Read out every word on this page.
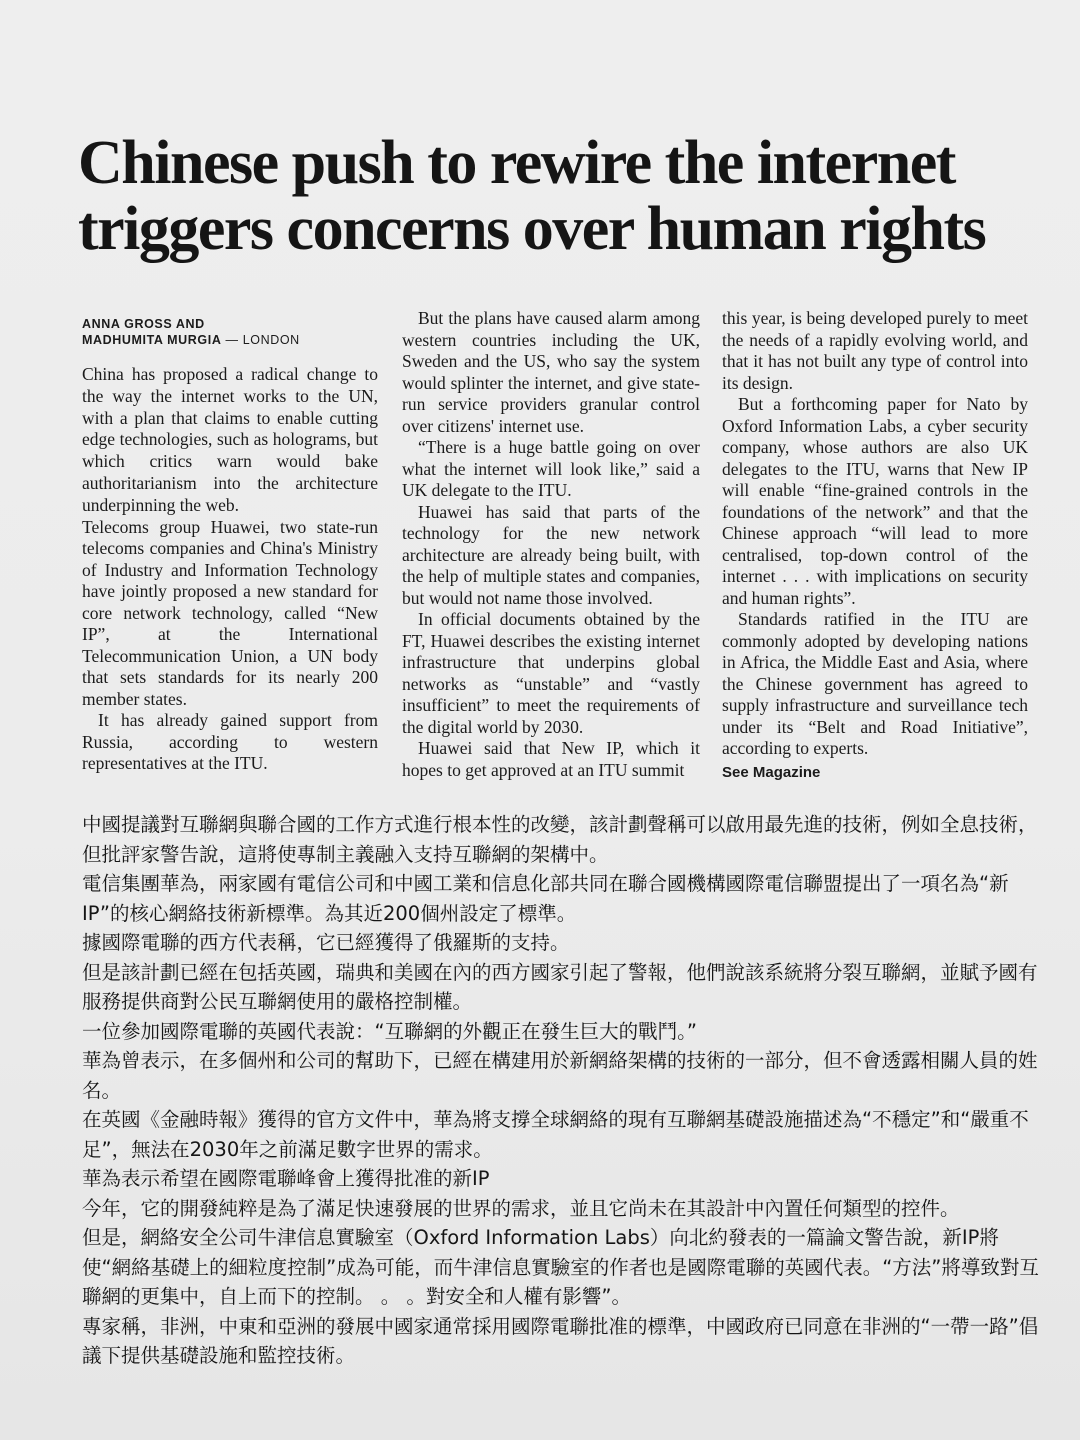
Chinese push to rewire the internet triggers concerns over human rights
ANNA GROSS AND
MADHUMITA MURGIA — LONDON

China has proposed a radical change to the way the internet works to the UN, with a plan that claims to enable cutting edge technologies, such as holograms, but which critics warn would bake authoritarianism into the architecture underpinning the web.

Telecoms group Huawei, two state-run telecoms companies and China's Ministry of Industry and Information Technology have jointly proposed a new standard for core network technology, called “New IP”, at the International Telecommunication Union, a UN body that sets standards for its nearly 200 member states.

It has already gained support from Russia, according to western representatives at the ITU.

But the plans have caused alarm among western countries including the UK, Sweden and the US, who say the system would splinter the internet, and give state-run service providers granular control over citizens' internet use.

“There is a huge battle going on over what the internet will look like,” said a UK delegate to the ITU.

Huawei has said that parts of the technology for the new network architecture are already being built, with the help of multiple states and companies, but would not name those involved.

In official documents obtained by the FT, Huawei describes the existing internet infrastructure that underpins global networks as “unstable” and “vastly insufficient” to meet the requirements of the digital world by 2030.

Huawei said that New IP, which it hopes to get approved at an ITU summit

this year, is being developed purely to meet the needs of a rapidly evolving world, and that it has not built any type of control into its design.

But a forthcoming paper for Nato by Oxford Information Labs, a cyber security company, whose authors are also UK delegates to the ITU, warns that New IP will enable “fine-grained controls in the foundations of the network” and that the Chinese approach “will lead to more centralised, top-down control of the internet . . . with implications on security and human rights”.

Standards ratified in the ITU are commonly adopted by developing nations in Africa, the Middle East and Asia, where the Chinese government has agreed to supply infrastructure and surveillance tech under its “Belt and Road Initiative”, according to experts.

See Magazine

中國提議對互聯網與聯合國的工作方式進行根本性的改變，該計劃聲稱可以啟用最先進的技術，例如全息技術，但批評家警告說，這將使專制主義融入支持互聯網的架構中。

電信集團華為，兩家國有電信公司和中國工業和信息化部共同在聯合國機構國際電信聯盟提出了一項名為“新IP”的核心網絡技術新標準。為其近200個州設定了標準。

據國際電聯的西方代表稱，它已經獲得了俄羅斯的支持。

但是該計劃已經在包括英國，瑞典和美國在內的西方國家引起了警報，他們說該系統將分裂互聯網，並賦予國有服務提供商對公民互聯網使用的嚴格控制權。

一位參加國際電聯的英國代表說：“互聯網的外觀正在發生巨大的戰鬥。”

華為曾表示，在多個州和公司的幫助下，已經在構建用於新網絡架構的技術的一部分，但不會透露相關人員的姓名。

在英國《金融時報》獲得的官方文件中，華為將支撐全球網絡的現有互聯網基礎設施描述為“不穩定”和“嚴重不足”，無法在2030年之前滿足數字世界的需求。

華為表示希望在國際電聯峰會上獲得批准的新IP

今年，它的開發純粹是為了滿足快速發展的世界的需求，並且它尚未在其設計中內置任何類型的控件。

但是，網絡安全公司牛津信息實驗室（Oxford Information Labs）向北約發表的一篇論文警告說，新IP將使“網絡基礎上的細粒度控制”成為可能，而牛津信息實驗室的作者也是國際電聯的英國代表。“方法”將導致對互聯網的更集中，自上而下的控制。 。 。對安全和人權有影響”。

專家稱，非洲，中東和亞洲的發展中國家通常採用國際電聯批准的標準，中國政府已同意在非洲的“一帶一路”倡議下提供基礎設施和監控技術。
